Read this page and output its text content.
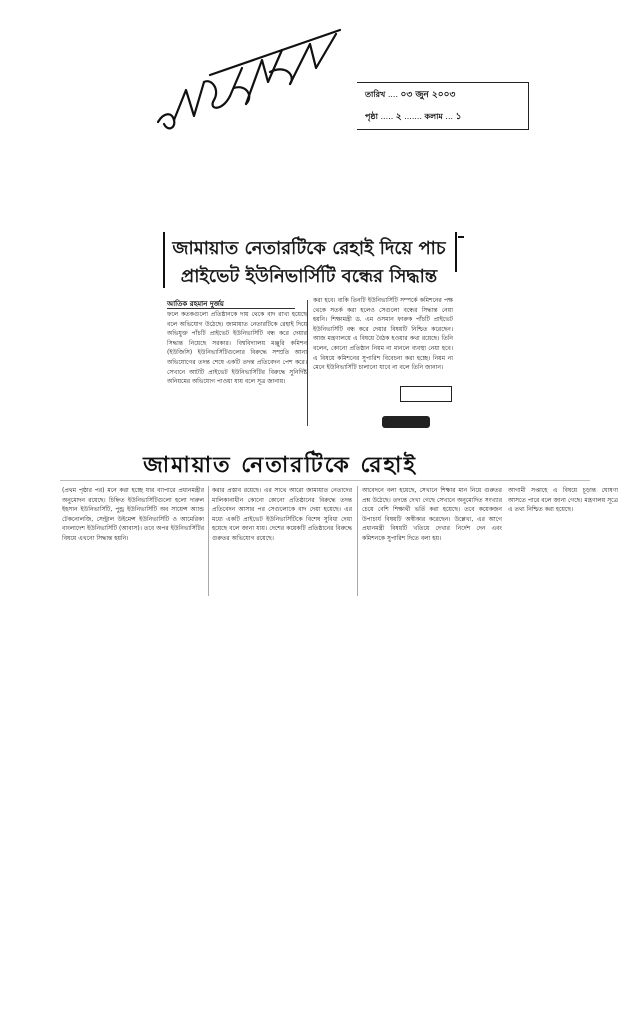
তারিখ .... ০৩ জুন ২০০৩
পৃষ্ঠা ..... ২ ....... কলাম ... ১
জামায়াত নেতারটিকে রেহাই দিয়ে পাচ
প্রাইভেট ইউনিভার্সিটি বন্ধের সিদ্ধান্ত
আতিক রহমান দুর্জয়

ফলে কতকগুলো প্রতিষ্ঠানকে দায় থেকে বাদ রাখা হয়েছে বলে অভিযোগ উঠেছে। জামায়াত নেতারটিকে রেহাই দিয়ে অভিযুক্ত পাঁচটি প্রাইভেট ইউনিভার্সিটি বন্ধ করে দেয়ার সিদ্ধান্ত নিয়েছে সরকার। বিশ্ববিদ্যালয় মঞ্জুরি কমিশন (ইউজিসি) ইউনিভার্সিটিগুলোর বিরুদ্ধে সম্প্রতি আনা অভিযোগের তদন্ত শেষে একটি তদন্ত প্রতিবেদন পেশ করে। সেখানে আটটি প্রাইভেট ইউনিভার্সিটির বিরুদ্ধে সুনির্দিষ্ট অনিয়মের অভিযোগ পাওয়া যায় বলে সূত্র জানায়।

করা হবে। বাকি তিনটি ইউনিভার্সিটি সম্পর্কে কমিশনের পক্ষ থেকে সতর্ক করা হলেও সেগুলো বন্ধের সিদ্ধান্ত নেয়া হয়নি। শিক্ষামন্ত্রী ড. এম ওসমান ফারুক পাঁচটি প্রাইভেট ইউনিভার্সিটি বন্ধ করে দেয়ার বিষয়টি নিশ্চিত করেছেন। আজ মন্ত্রণালয়ে এ বিষয়ে বৈঠক হওয়ার কথা রয়েছে। তিনি বলেন, কোনো প্রতিষ্ঠান নিয়ম না মানলে ব্যবস্থা নেয়া হবে। এ বিষয়ে কমিশনের সুপারিশ বিবেচনা করা হচ্ছে। নিয়ম না মেনে ইউনিভার্সিটি চালানো যাবে না বলে তিনি জানান।

জামায়াত নেতারটিকে রেহাই

(প্রথম পৃষ্ঠার পর) মনে করা হচ্ছে যার ব্যাপারে প্রধানমন্ত্রীর অনুমোদন রয়েছে। চিহ্নিত ইউনিভার্সিটিগুলো হলো দারুল ইহসান ইউনিভার্সিটি, পুন্ড্র ইউনিভার্সিটি অব সায়েন্স অ্যান্ড টেকনোলজি, সেন্ট্রাল উইমেন্স ইউনিভার্সিটি ও আমেরিকা বাংলাদেশ ইউনিভার্সিটি (আবাস)। তবে অপর ইউনিভার্সিটির বিষয়ে এখনো সিদ্ধান্ত হয়নি।

করার প্রস্তাব রয়েছে। এর সাথে আরো জামায়াত নেতাদের মালিকানাধীন কোনো কোনো প্রতিষ্ঠানের বিরুদ্ধে তদন্ত প্রতিবেদন আসার পর সেগুলোকে বাদ দেয়া হয়েছে। এর মধ্যে একটি প্রাইভেট ইউনিভার্সিটিকে বিশেষ সুবিধা দেয়া হয়েছে বলে জানা যায়। দেশের কয়েকটি প্রতিষ্ঠানের বিরুদ্ধে গুরুতর অভিযোগ রয়েছে।

আবেদনে বলা হয়েছে, সেখানে শিক্ষার মান নিয়ে গুরুতর প্রশ্ন উঠেছে। তদন্তে দেখা গেছে সেখানে অনুমোদিত সংখ্যার চেয়ে বেশি শিক্ষার্থী ভর্তি করা হয়েছে। তবে কয়েকজন উপাচার্য বিষয়টি অস্বীকার করেছেন। উল্লেখ্য, এর আগে প্রধানমন্ত্রী বিষয়টি খতিয়ে দেখার নির্দেশ দেন এবং কমিশনকে সুপারিশ দিতে বলা হয়।

আগামী সপ্তাহে এ বিষয়ে চূড়ান্ত ঘোষণা আসতে পারে বলে জানা গেছে। মন্ত্রণালয় সূত্রে এ তথ্য নিশ্চিত করা হয়েছে।
